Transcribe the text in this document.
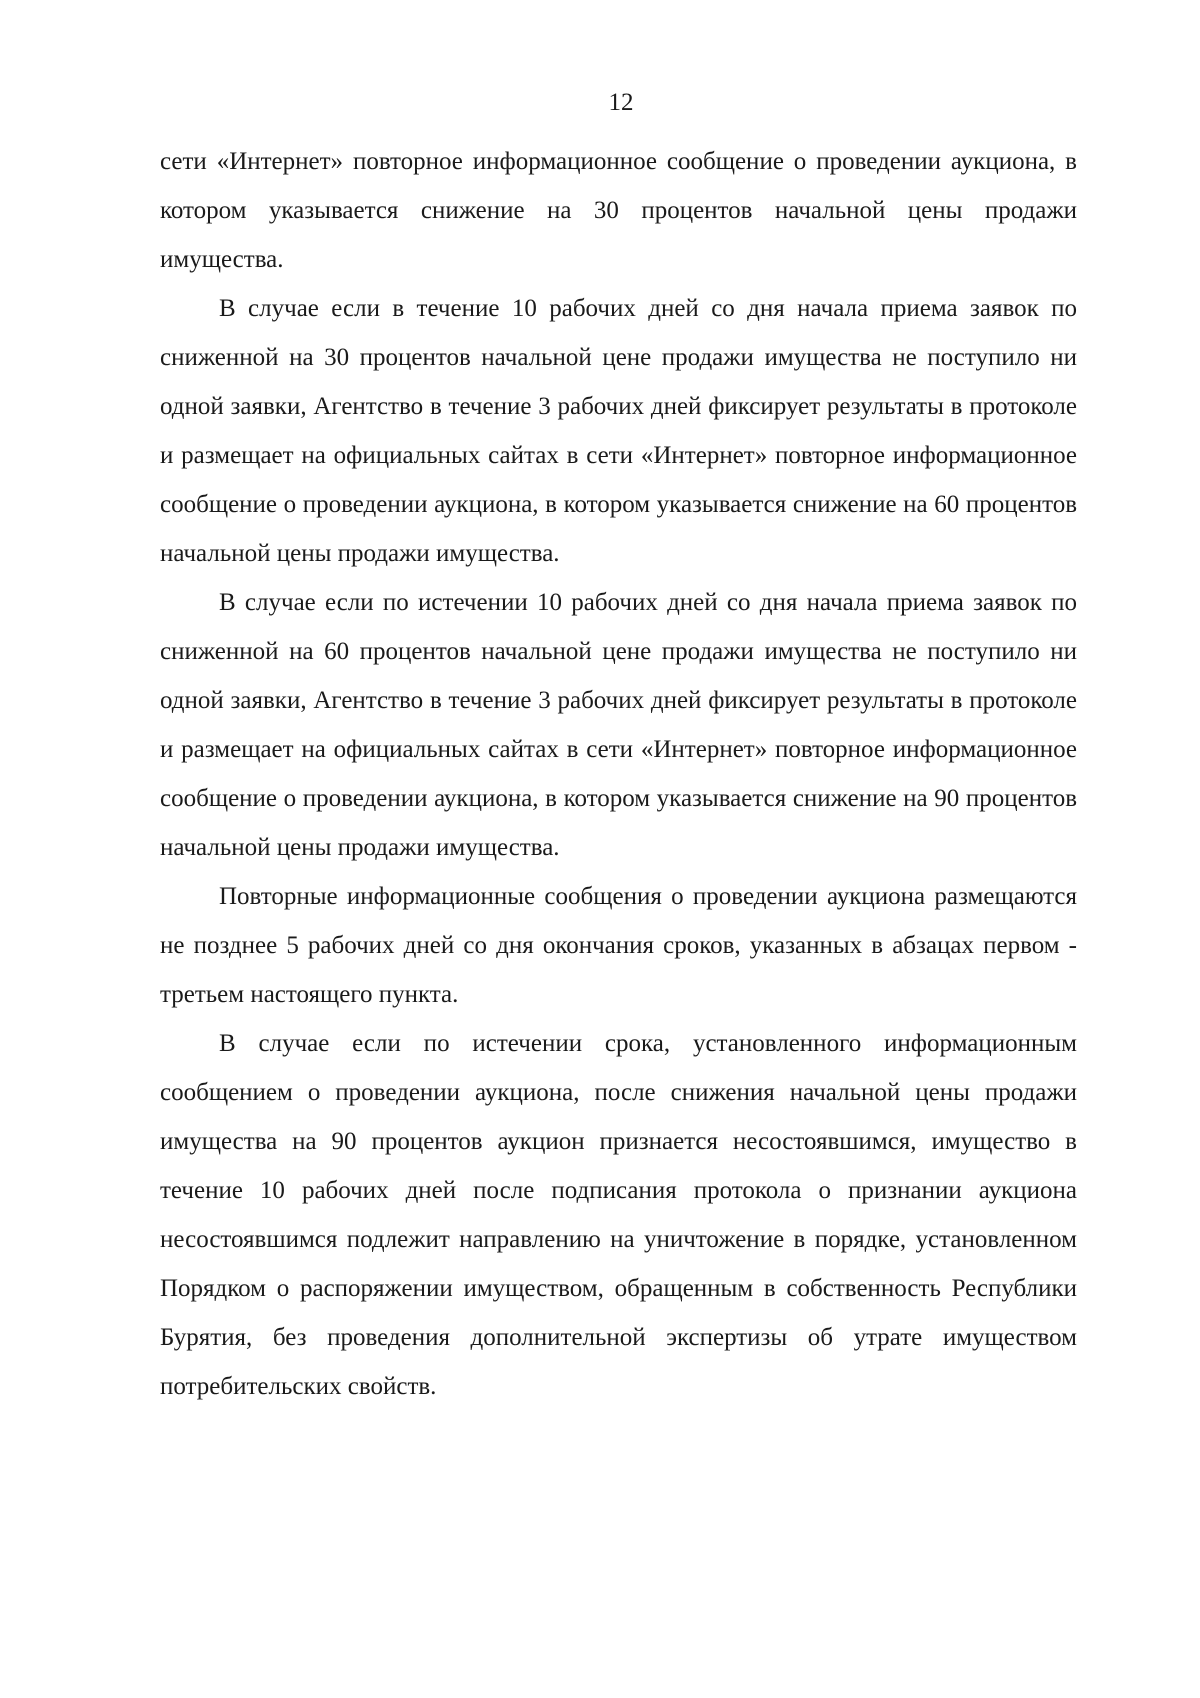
12

сети «Интернет» повторное информационное сообщение о проведении аукциона, в котором указывается снижение на 30 процентов начальной цены продажи имущества.

В случае если в течение 10 рабочих дней со дня начала приема заявок по сниженной на 30 процентов начальной цене продажи имущества не поступило ни одной заявки, Агентство в течение 3 рабочих дней фиксирует результаты в протоколе и размещает на официальных сайтах в сети «Интернет» повторное информационное сообщение о проведении аукциона, в котором указывается снижение на 60 процентов начальной цены продажи имущества.

В случае если по истечении 10 рабочих дней со дня начала приема заявок по сниженной на 60 процентов начальной цене продажи имущества не поступило ни одной заявки, Агентство в течение 3 рабочих дней фиксирует результаты в протоколе и размещает на официальных сайтах в сети «Интернет» повторное информационное сообщение о проведении аукциона, в котором указывается снижение на 90 процентов начальной цены продажи имущества.

Повторные информационные сообщения о проведении аукциона размещаются не позднее 5 рабочих дней со дня окончания сроков, указанных в абзацах первом - третьем настоящего пункта.

В случае если по истечении срока, установленного информационным сообщением о проведении аукциона, после снижения начальной цены продажи имущества на 90 процентов аукцион признается несостоявшимся, имущество в течение 10 рабочих дней после подписания протокола о признании аукциона несостоявшимся подлежит направлению на уничтожение в порядке, установленном Порядком о распоряжении имуществом, обращенным в собственность Республики Бурятия, без проведения дополнительной экспертизы об утрате имуществом потребительских свойств.
